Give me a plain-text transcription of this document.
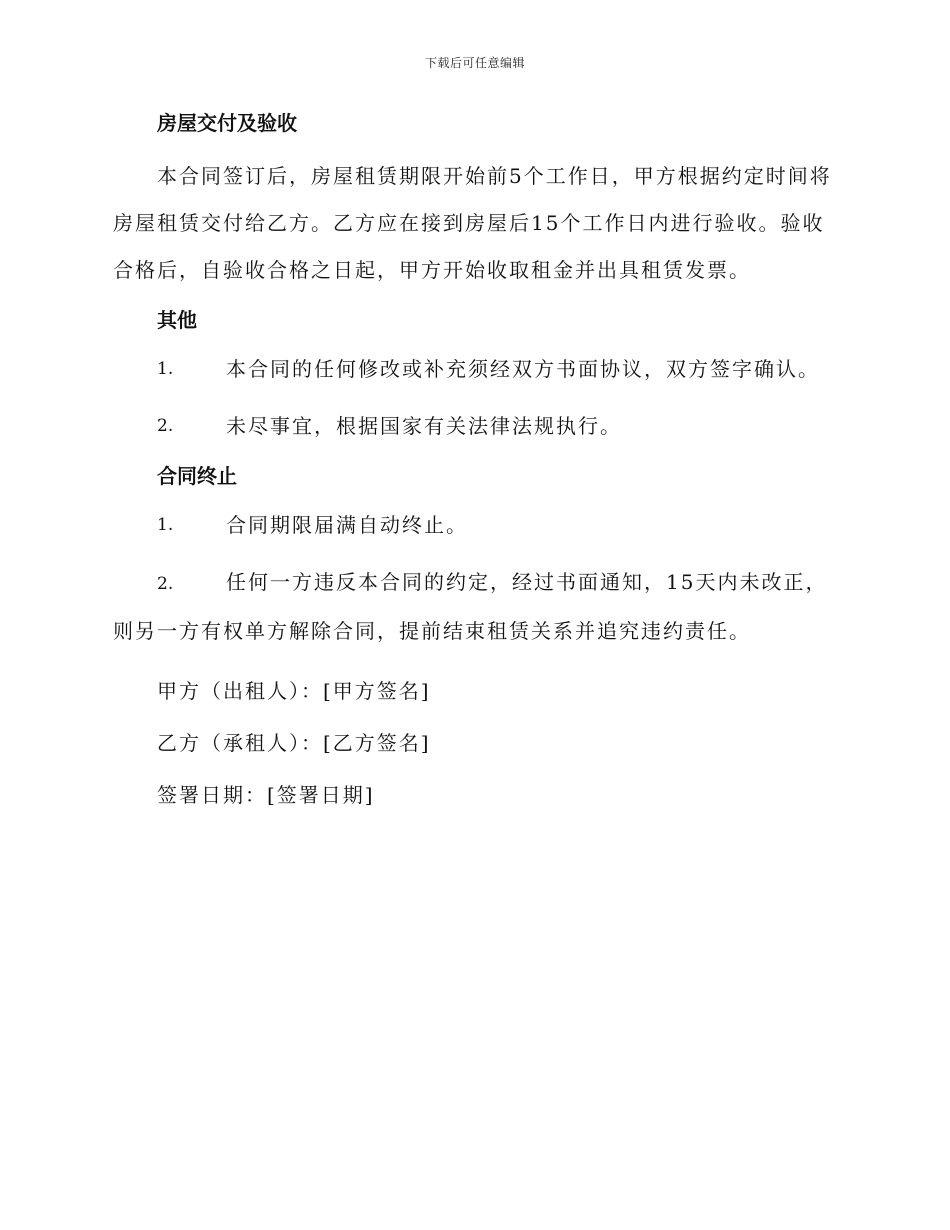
下载后可任意编辑
房屋交付及验收

本合同签订后，房屋租赁期限开始前5个工作日，甲方根据约定时间将房屋租赁交付给乙方。乙方应在接到房屋后15个工作日内进行验收。验收合格后，自验收合格之日起，甲方开始收取租金并出具租赁发票。

其他
1.	本合同的任何修改或补充须经双方书面协议，双方签字确认。
2.	未尽事宜，根据国家有关法律法规执行。
合同终止
1.	合同期限届满自动终止。

2.	任何一方违反本合同的约定，经过书面通知，15天内未改正，则另一方有权单方解除合同，提前结束租赁关系并追究违约责任。

甲方（出租人）：[甲方签名]

乙方（承租人）：[乙方签名]

签署日期：[签署日期]
